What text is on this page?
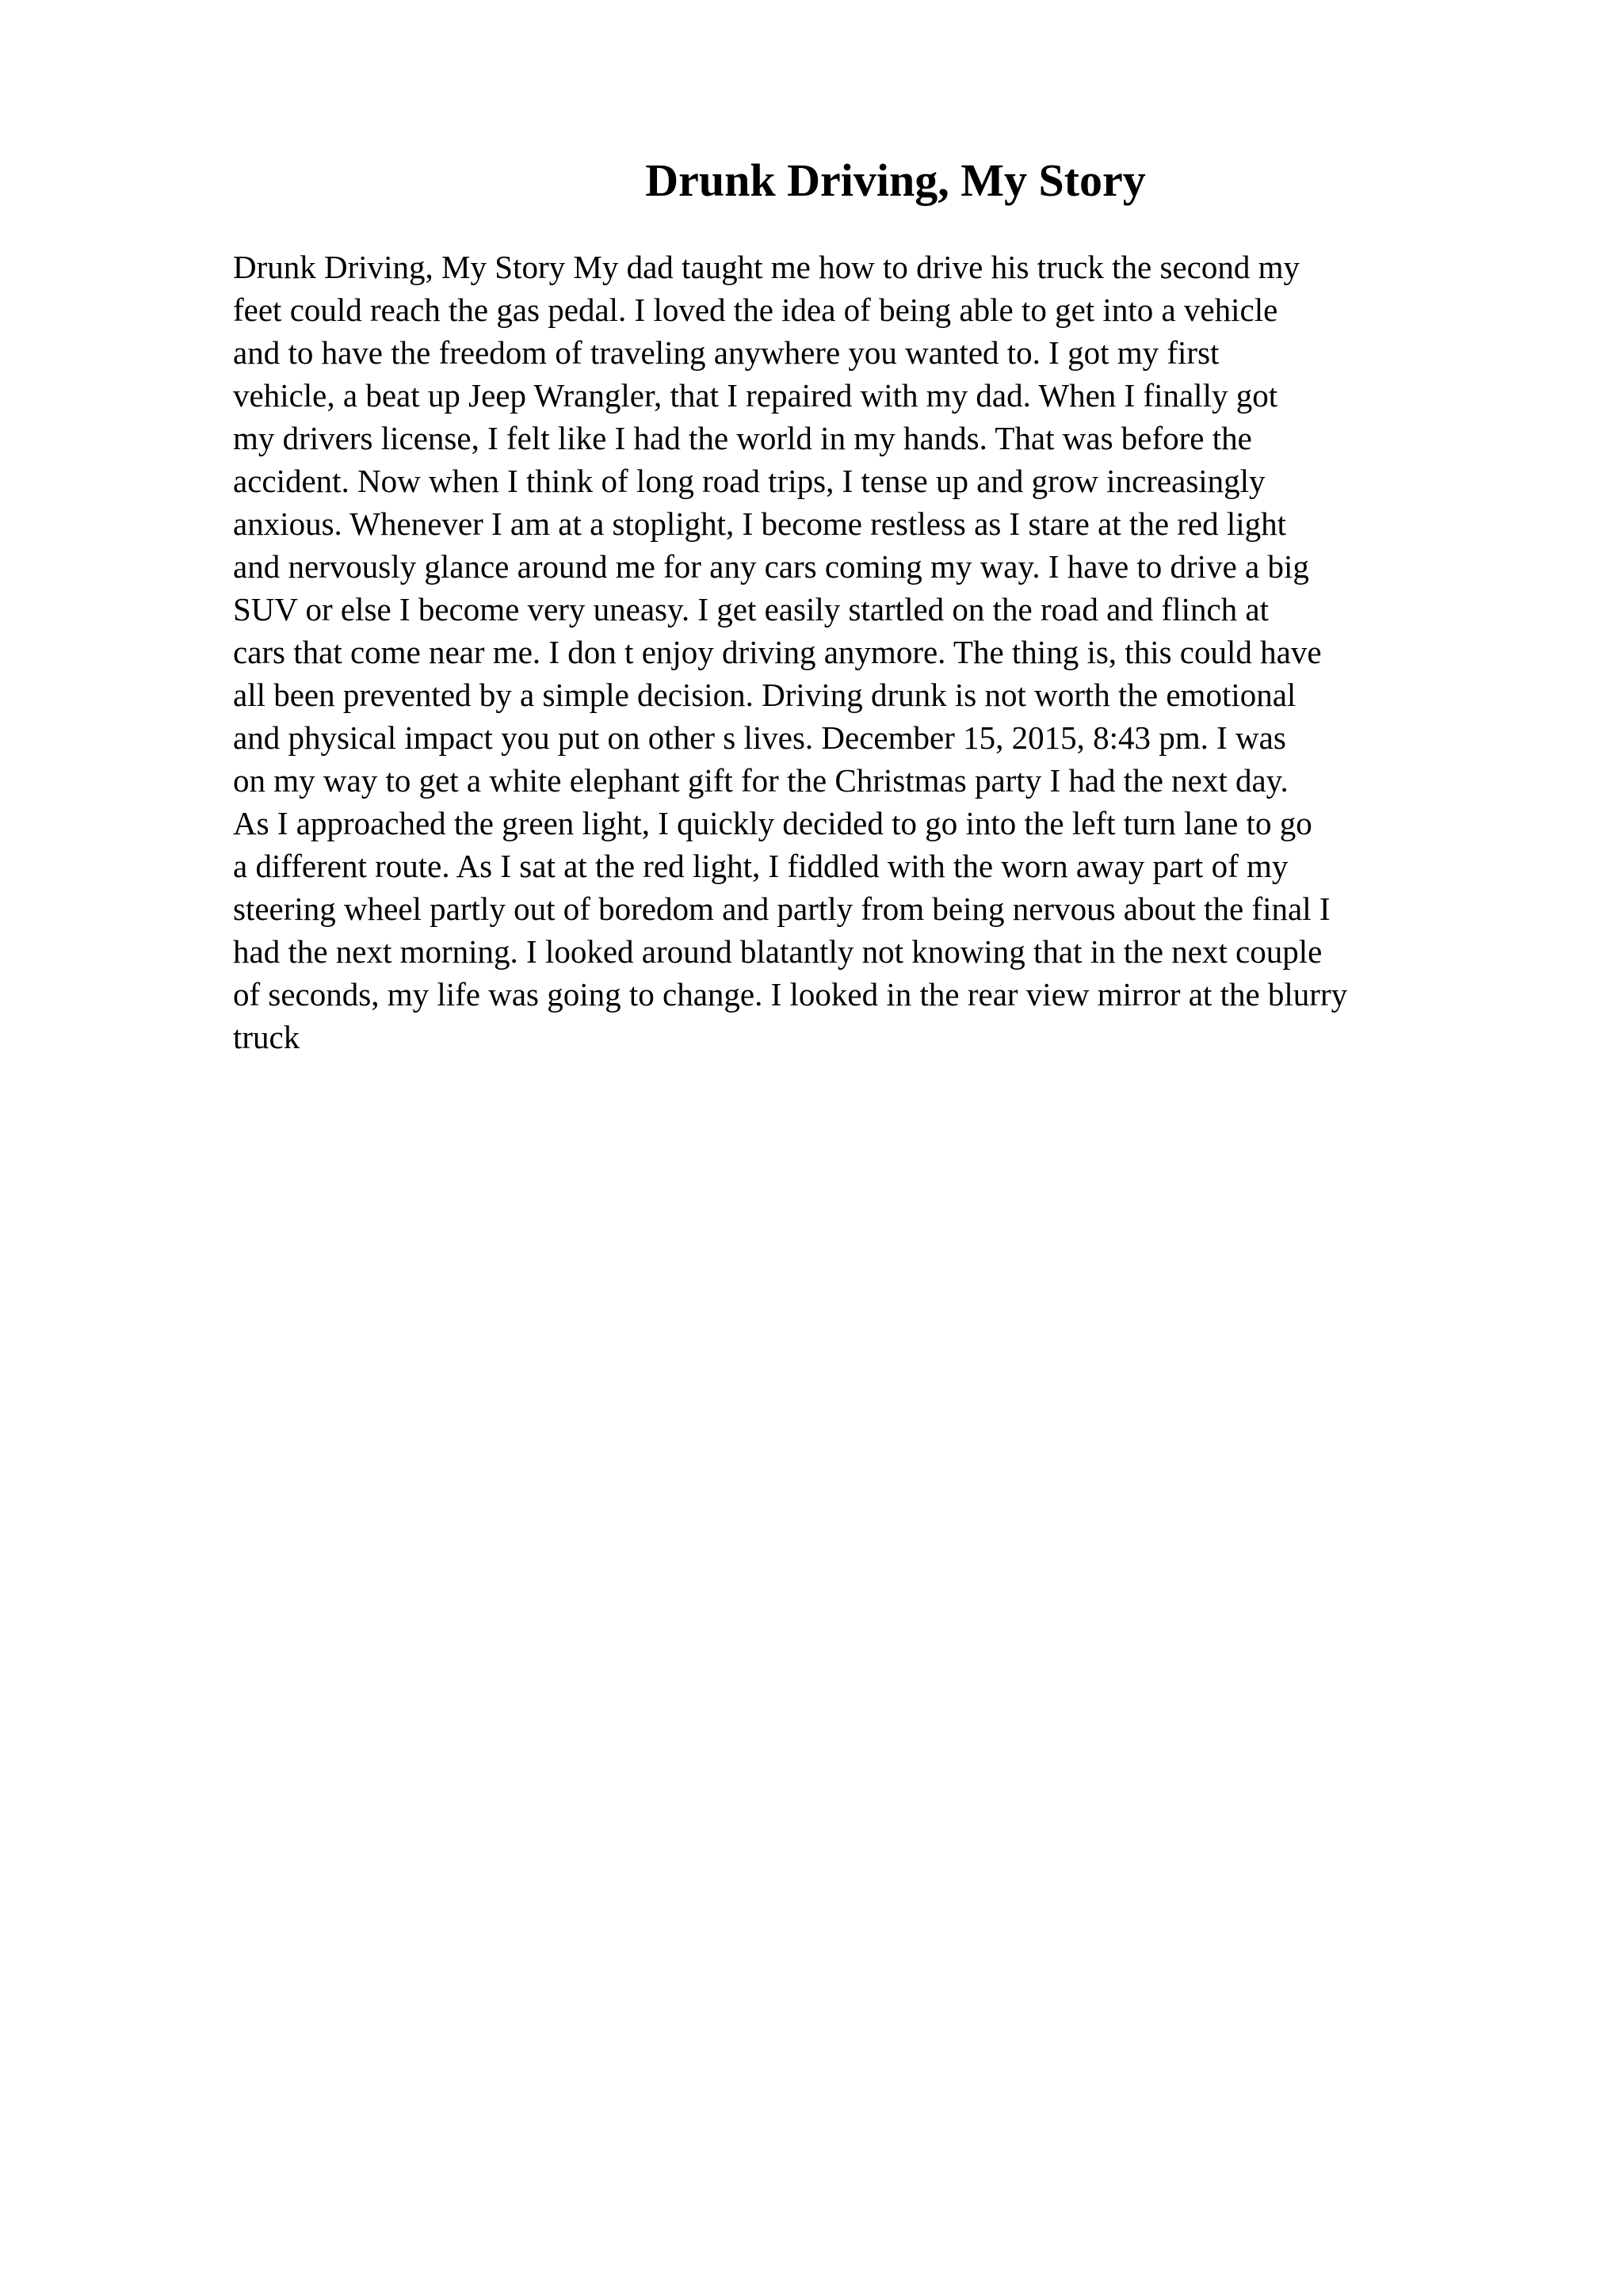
Drunk Driving, My Story
Drunk Driving, My Story My dad taught me how to drive his truck the second my
feet could reach the gas pedal. I loved the idea of being able to get into a vehicle
and to have the freedom of traveling anywhere you wanted to. I got my first
vehicle, a beat up Jeep Wrangler, that I repaired with my dad. When I finally got
my drivers license, I felt like I had the world in my hands. That was before the
accident. Now when I think of long road trips, I tense up and grow increasingly
anxious. Whenever I am at a stoplight, I become restless as I stare at the red light
and nervously glance around me for any cars coming my way. I have to drive a big
SUV or else I become very uneasy. I get easily startled on the road and flinch at
cars that come near me. I don t enjoy driving anymore. The thing is, this could have
all been prevented by a simple decision. Driving drunk is not worth the emotional
and physical impact you put on other s lives. December 15, 2015, 8:43 pm. I was
on my way to get a white elephant gift for the Christmas party I had the next day.
As I approached the green light, I quickly decided to go into the left turn lane to go
a different route. As I sat at the red light, I fiddled with the worn away part of my
steering wheel partly out of boredom and partly from being nervous about the final I
had the next morning. I looked around blatantly not knowing that in the next couple
of seconds, my life was going to change. I looked in the rear view mirror at the blurry
truck
